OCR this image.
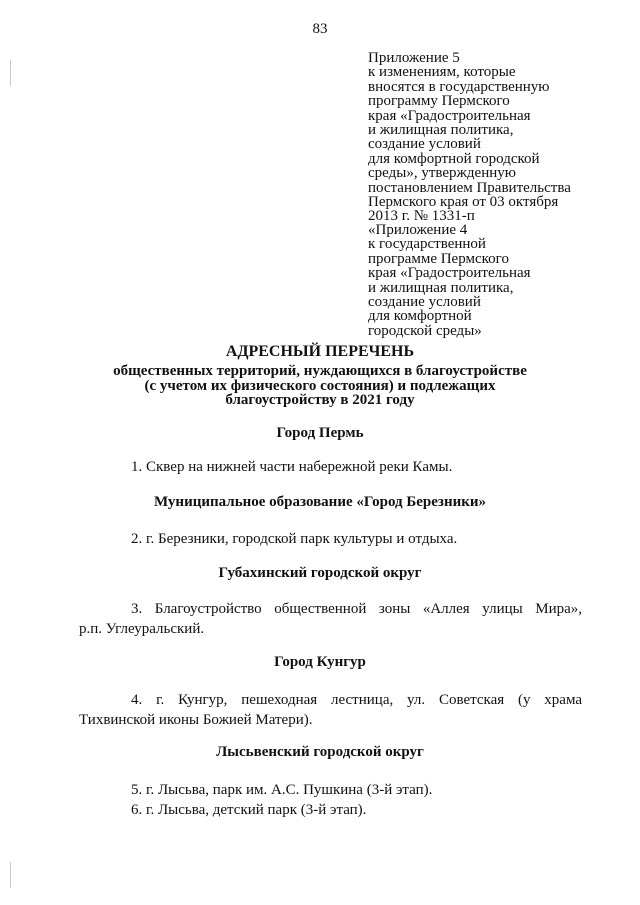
83
Приложение 5
к изменениям, которые
вносятся в государственную
программу Пермского
края «Градостроительная
и жилищная политика,
создание условий
для комфортной городской
среды», утвержденную
постановлением Правительства
Пермского края от 03 октября
2013 г. № 1331-п
«Приложение 4
к государственной
программе Пермского
края «Градостроительная
и жилищная политика,
создание условий
для комфортной
городской среды»
АДРЕСНЫЙ ПЕРЕЧЕНЬ
общественных территорий, нуждающихся в благоустройстве
(с учетом их физического состояния) и подлежащих
благоустройству в 2021 году
Город Пермь
1. Сквер на нижней части набережной реки Камы.
Муниципальное образование «Город Березники»
2. г. Березники, городской парк культуры и отдыха.
Губахинский городской округ
3. Благоустройство общественной зоны «Аллея улицы Мира»,
р.п. Углеуральский.
Город Кунгур
4. г. Кунгур, пешеходная лестница, ул. Советская (у храма
Тихвинской иконы Божией Матери).
Лысьвенский городской округ
5. г. Лысьва, парк им. А.С. Пушкина (3-й этап).
6. г. Лысьва, детский парк (3-й этап).
